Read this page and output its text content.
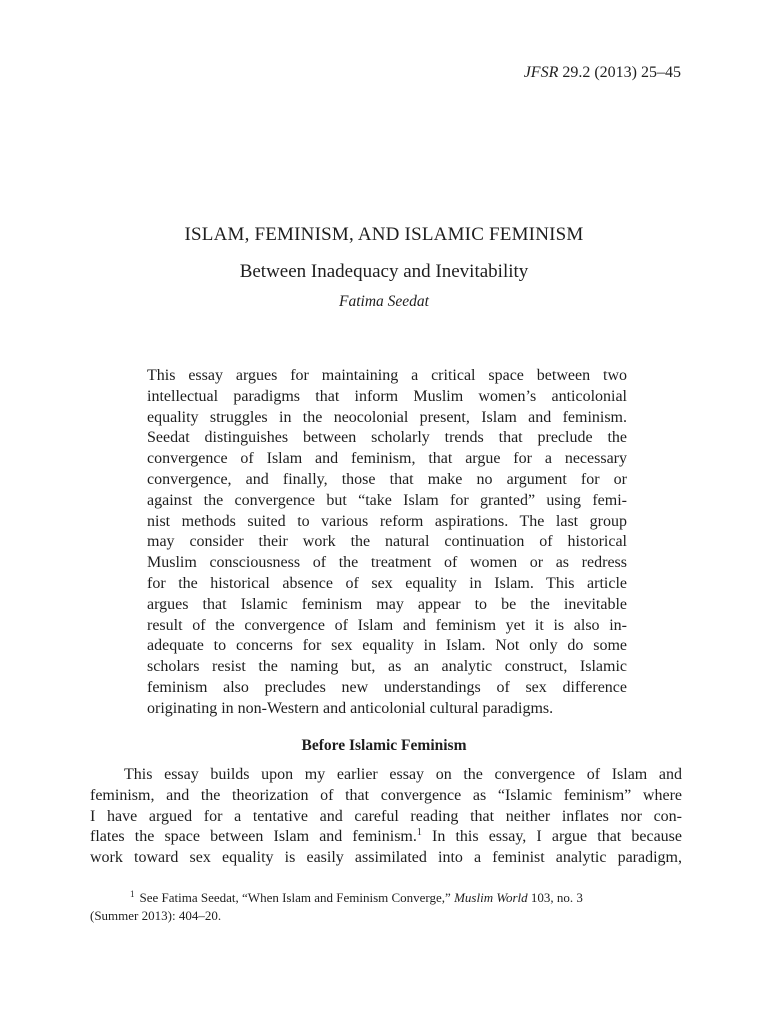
JFSR 29.2 (2013) 25–45
ISLAM, FEMINISM, AND ISLAMIC FEMINISM
Between Inadequacy and Inevitability
Fatima Seedat
This essay argues for maintaining a critical space between two
intellectual paradigms that inform Muslim women’s anticolonial
equality struggles in the neocolonial present, Islam and feminism.
Seedat distinguishes between scholarly trends that preclude the
convergence of Islam and feminism, that argue for a necessary
convergence, and finally, those that make no argument for or
against the convergence but “take Islam for granted” using femi-
nist methods suited to various reform aspirations. The last group
may consider their work the natural continuation of historical
Muslim consciousness of the treatment of women or as redress
for the historical absence of sex equality in Islam. This article
argues that Islamic feminism may appear to be the inevitable
result of the convergence of Islam and feminism yet it is also in-
adequate to concerns for sex equality in Islam. Not only do some
scholars resist the naming but, as an analytic construct, Islamic
feminism also precludes new understandings of sex difference
originating in non-Western and anticolonial cultural paradigms.
Before Islamic Feminism
This essay builds upon my earlier essay on the convergence of Islam and
feminism, and the theorization of that convergence as “Islamic feminism” where
I have argued for a tentative and careful reading that neither inflates nor con-
flates the space between Islam and feminism.$^1$ In this essay, I argue that because
work toward sex equality is easily assimilated into a feminist analytic paradigm,
$^1$ See Fatima Seedat, “When Islam and Feminism Converge,” Muslim World 103, no. 3
(Summer 2013): 404–20.
